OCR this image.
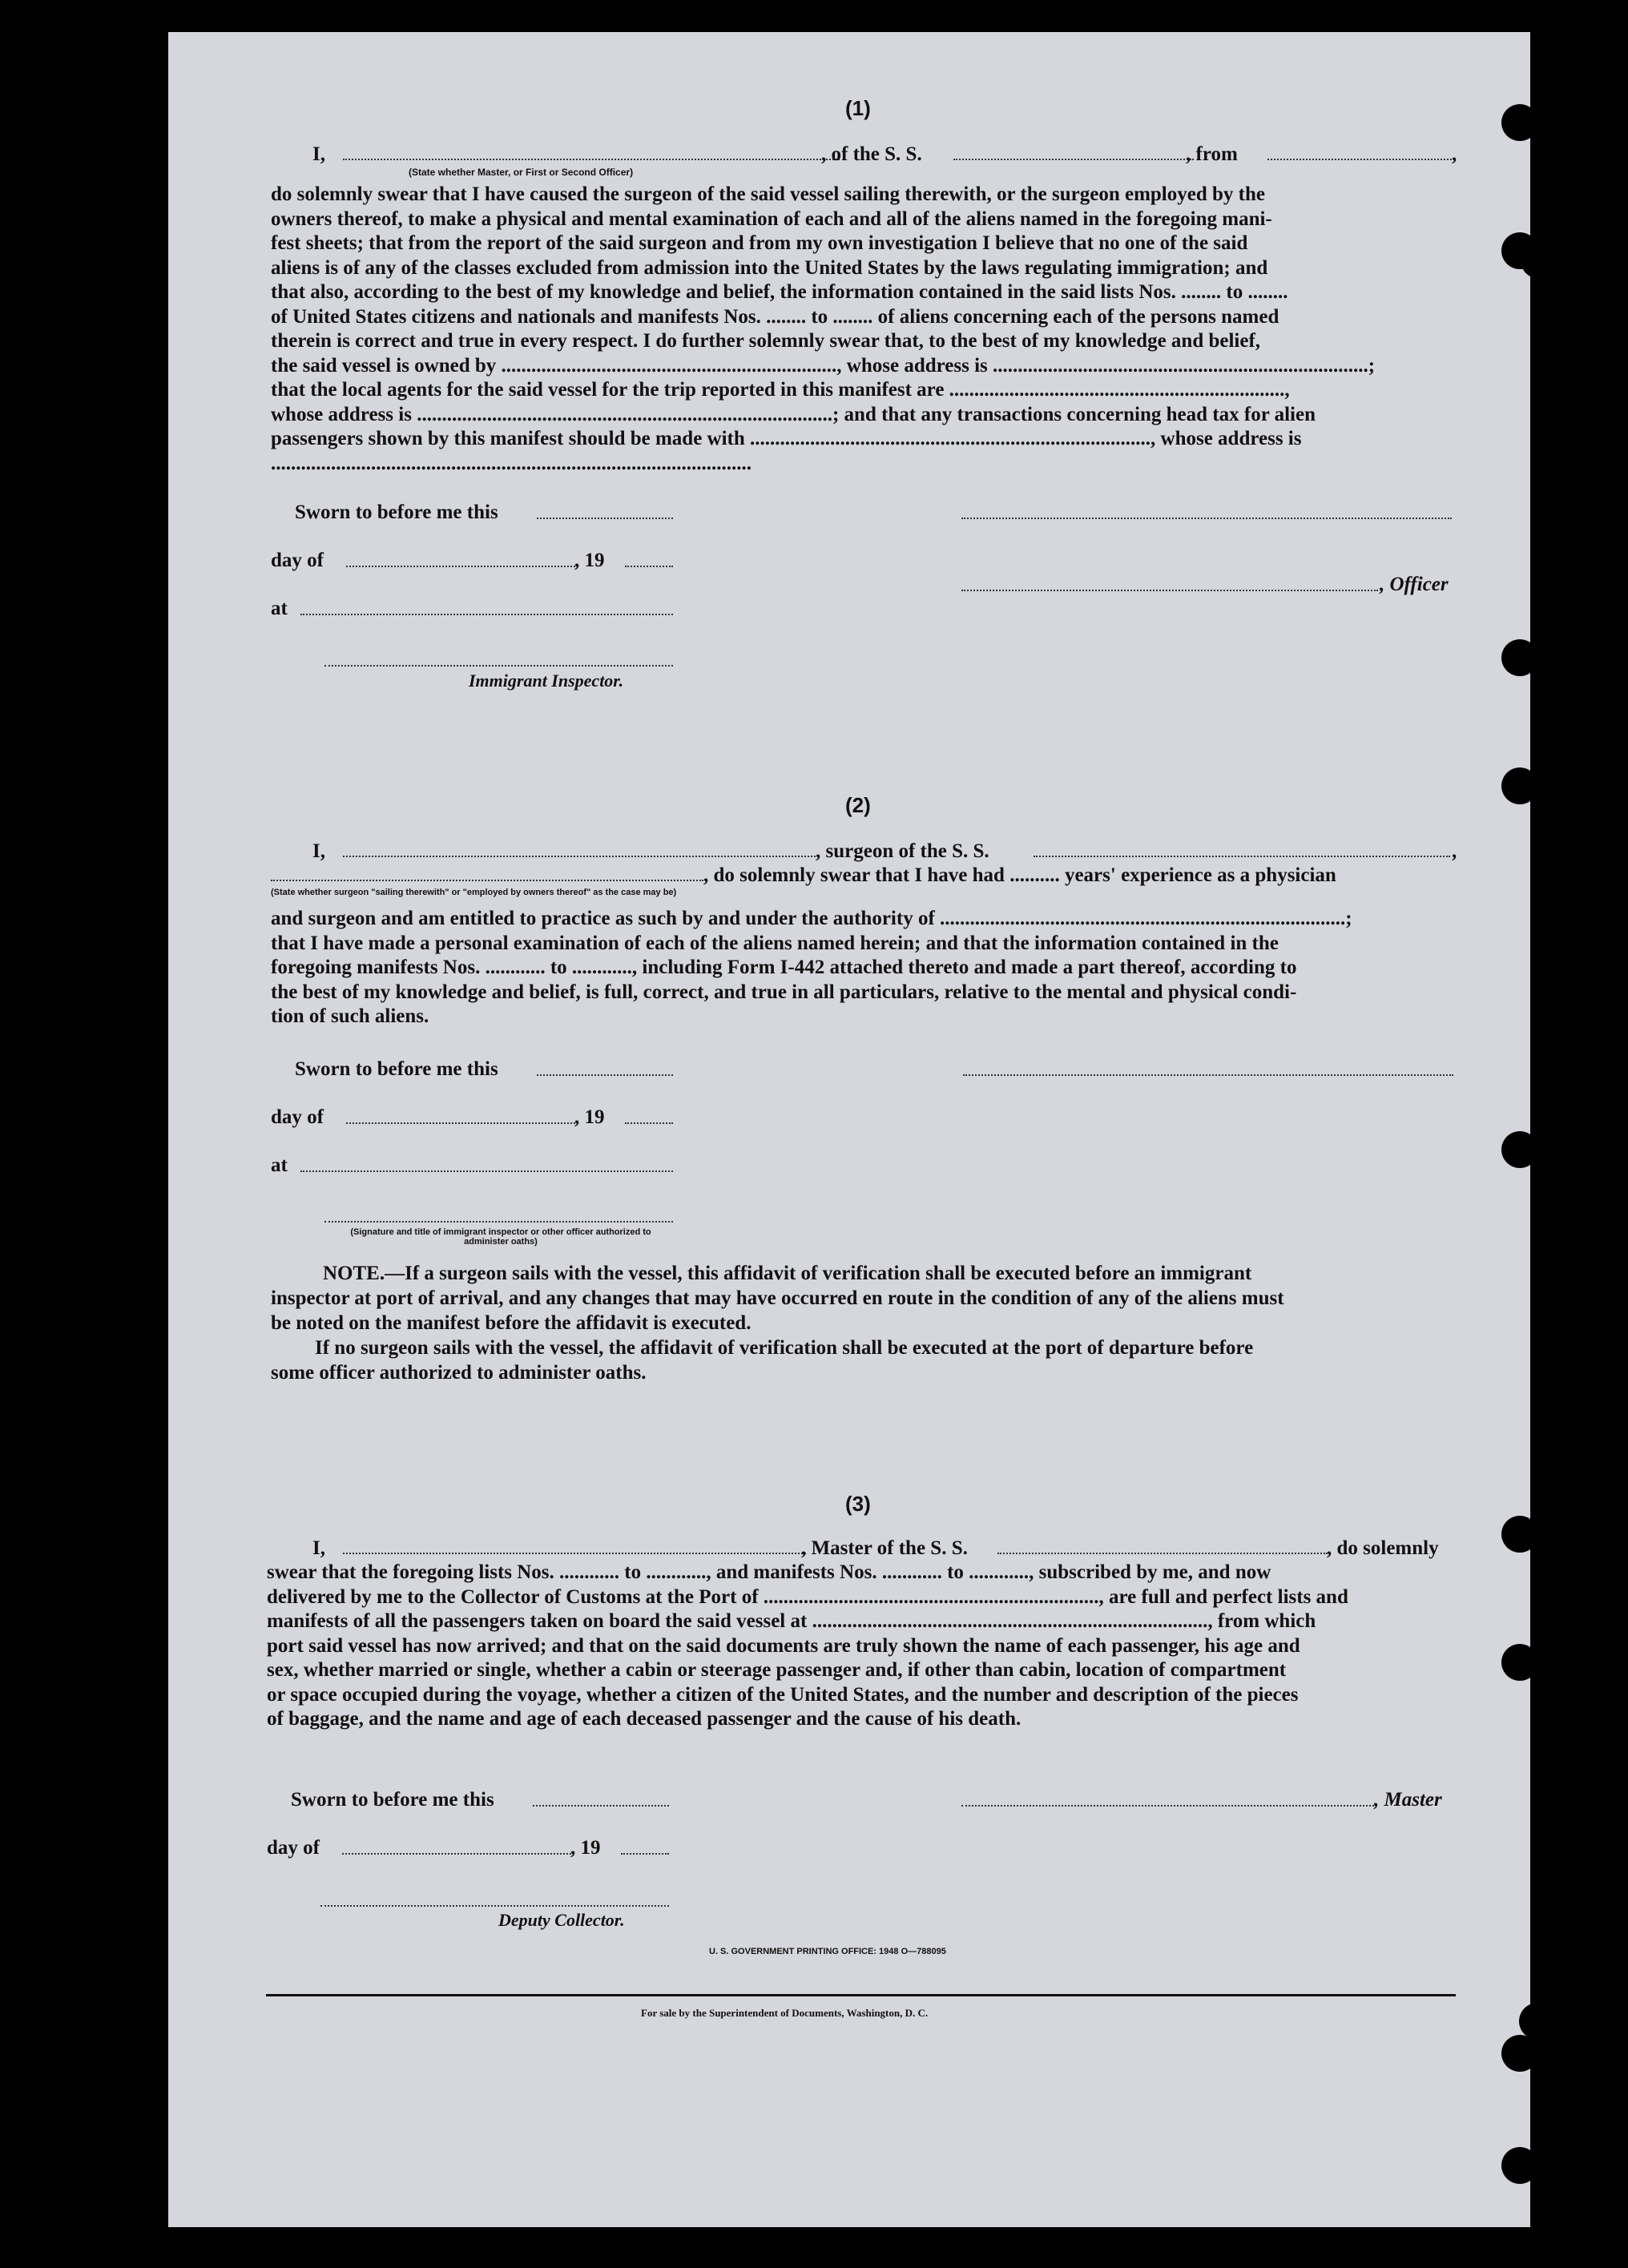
(1)
I,	, of the S. S.	, from	,
(State whether Master, or First or Second Officer)
do solemnly swear that I have caused the surgeon of the said vessel sailing therewith, or the surgeon employed by the
owners thereof, to make a physical and mental examination of each and all of the aliens named in the foregoing mani-
fest sheets; that from the report of the said surgeon and from my own investigation I believe that no one of the said
aliens is of any of the classes excluded from admission into the United States by the laws regulating immigration; and
that also, according to the best of my knowledge and belief, the information contained in the said lists Nos. ........ to ........
of United States citizens and nationals and manifests Nos. ........ to ........ of aliens concerning each of the persons named
therein is correct and true in every respect. I do further solemnly swear that, to the best of my knowledge and belief,
the said vessel is owned by ..................................................................., whose address is ...........................................................................;
that the local agents for the said vessel for the trip reported in this manifest are ...................................................................,
whose address is ...................................................................................; and that any transactions concerning head tax for alien
passengers shown by this manifest should be made with ................................................................................, whose address is
................................................................................................
Sworn to before me this
day of	, 19
, Officer
at
Immigrant Inspector.
(2)
I,	, surgeon of the S. S.	,
, do solemnly swear that I have had .......... years' experience as a physician
(State whether surgeon "sailing therewith" or "employed by owners thereof" as the case may be)
and surgeon and am entitled to practice as such by and under the authority of .................................................................................;
that I have made a personal examination of each of the aliens named herein; and that the information contained in the
foregoing manifests Nos. ............ to ............, including Form I-442 attached thereto and made a part thereof, according to
the best of my knowledge and belief, is full, correct, and true in all particulars, relative to the mental and physical condi-
tion of such aliens.
Sworn to before me this
day of	, 19
at
(Signature and title of immigrant inspector or other officer authorized to administer oaths)
NOTE.—If a surgeon sails with the vessel, this affidavit of verification shall be executed before an immigrant
inspector at port of arrival, and any changes that may have occurred en route in the condition of any of the aliens must
be noted on the manifest before the affidavit is executed.
If no surgeon sails with the vessel, the affidavit of verification shall be executed at the port of departure before
some officer authorized to administer oaths.
(3)
I,	, Master of the S. S.	, do solemnly
swear that the foregoing lists Nos. ............ to ............, and manifests Nos. ............ to ............, subscribed by me, and now
delivered by me to the Collector of Customs at the Port of ..................................................................., are full and perfect lists and
manifests of all the passengers taken on board the said vessel at ..............................................................................., from which
port said vessel has now arrived; and that on the said documents are truly shown the name of each passenger, his age and
sex, whether married or single, whether a cabin or steerage passenger and, if other than cabin, location of compartment
or space occupied during the voyage, whether a citizen of the United States, and the number and description of the pieces
of baggage, and the name and age of each deceased passenger and the cause of his death.
Sworn to before me this	, Master
day of	, 19
Deputy Collector.
U. S. GOVERNMENT PRINTING OFFICE: 1948 O—788095
For sale by the Superintendent of Documents, Washington, D. C.
